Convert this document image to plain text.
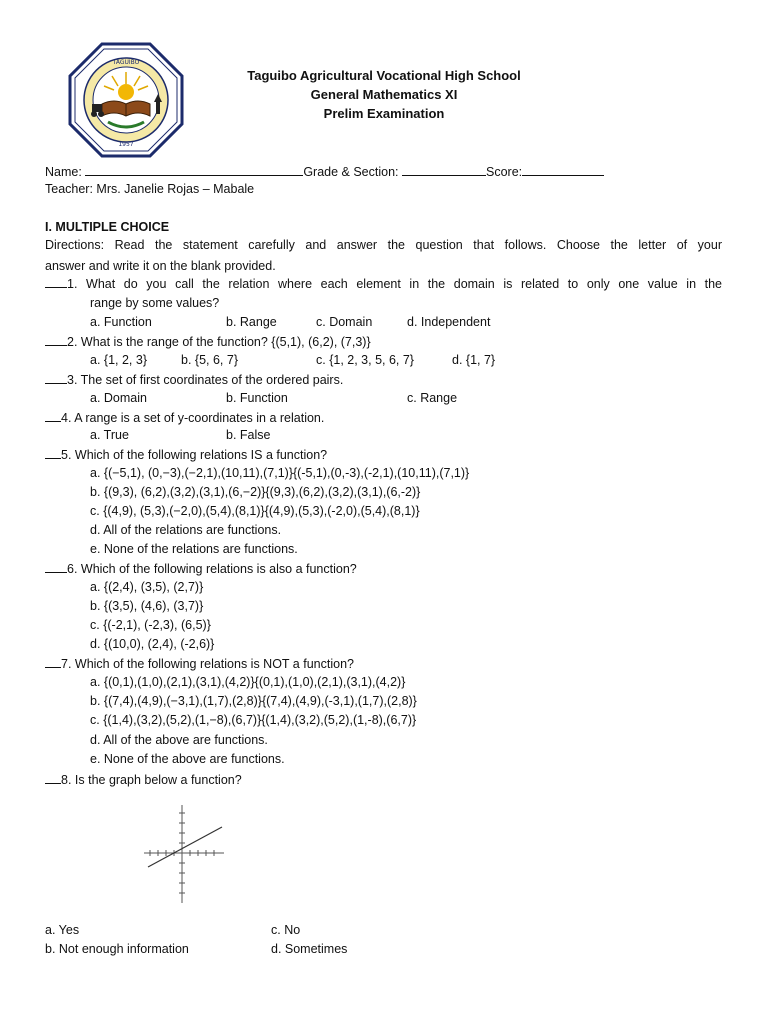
TAGUIBO
1957
Taguibo Agricultural Vocational High School
General Mathematics XI
Prelim Examination
Name:	Grade & Section:	Score:
Teacher: Mrs. Janelie Rojas – Mabale
I. MULTIPLE CHOICE
Directions: Read the statement carefully and answer the question that follows. Choose the letter of your
answer and write it on the blank provided.
1. What do you call the relation where each element in the domain is related to only one value in the
range by some values?
a. Function	b. Range	c. Domain	d. Independent
2. What is the range of the function? {(5,1), (6,2), (7,3)}
a. {1, 2, 3}	b. {5, 6, 7}	c. {1, 2, 3, 5, 6, 7}	d. {1, 7}
3. The set of first coordinates of the ordered pairs.
a. Domain	b. Function	c. Range
4. A range is a set of y-coordinates in a relation.
a. True	b. False
5. Which of the following relations IS a function?
a. {(−5,1), (0,−3),(−2,1),(10,11),(7,1)}{(-5,1),(0,-3),(-2,1),(10,11),(7,1)}
b. {(9,3), (6,2),(3,2),(3,1),(6,−2)}{(9,3),(6,2),(3,2),(3,1),(6,-2)}
c. {(4,9), (5,3),(−2,0),(5,4),(8,1)}{(4,9),(5,3),(-2,0),(5,4),(8,1)}
d. All of the relations are functions.
e. None of the relations are functions.
6. Which of the following relations is also a function?
a. {(2,4), (3,5), (2,7)}
b. {(3,5), (4,6), (3,7)}
c. {(-2,1), (-2,3), (6,5)}
d. {(10,0), (2,4), (-2,6)}
7. Which of the following relations is NOT a function?
a. {(0,1),(1,0),(2,1),(3,1),(4,2)}{(0,1),(1,0),(2,1),(3,1),(4,2)}
b. {(7,4),(4,9),(−3,1),(1,7),(2,8)}{(7,4),(4,9),(-3,1),(1,7),(2,8)}
c. {(1,4),(3,2),(5,2),(1,−8),(6,7)}{(1,4),(3,2),(5,2),(1,-8),(6,7)}
d. All of the above are functions.
e. None of the above are functions.
8. Is the graph below a function?
a. Yes	c. No
b. Not enough information	d. Sometimes
